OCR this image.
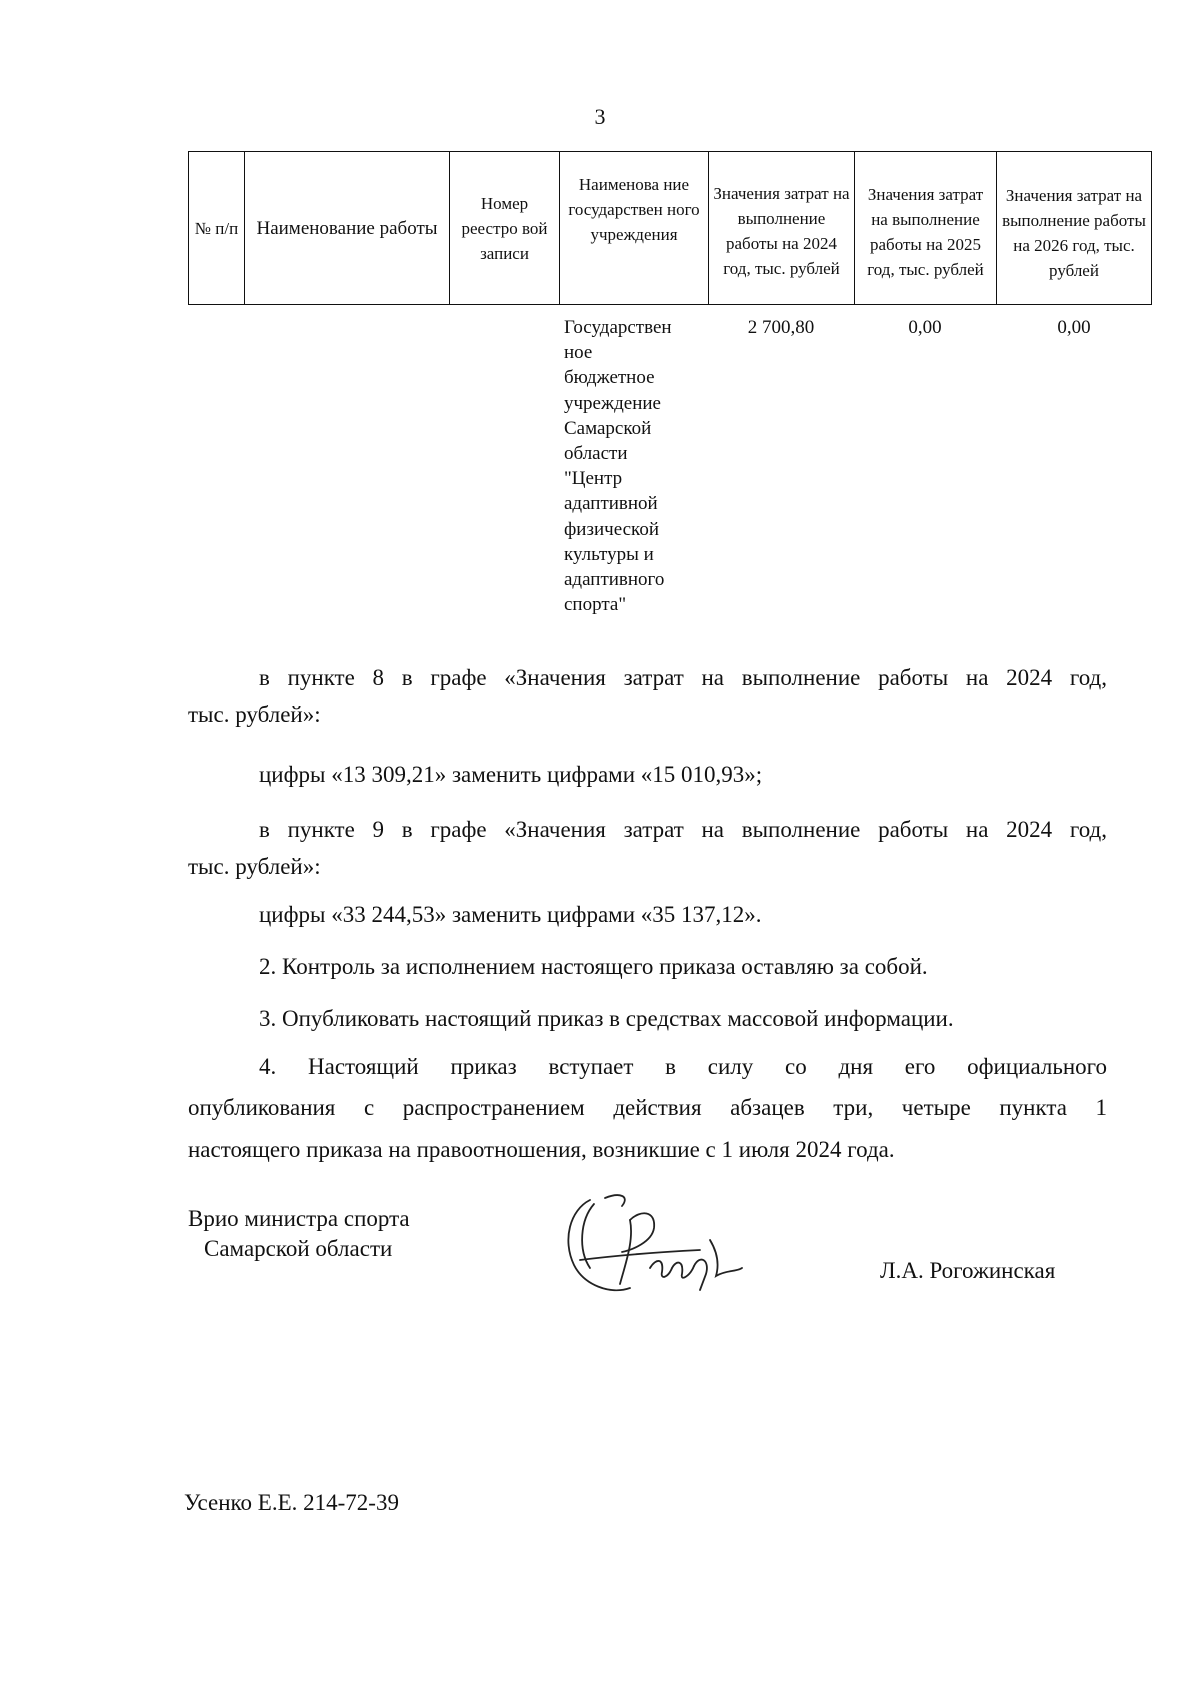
3
№ п/п Наименование работы
Номер реестро вой записи
Наименова ние государствен ного учреждения
Значения затрат на выполнение работы на 2024 год, тыс. рублей
Значения затрат на выполнение работы на 2025 год, тыс. рублей
Значения затрат на выполнение работы на 2026 год, тыс. рублей
Государствен
ное
бюджетное
учреждение
Самарской
области
"Центр
адаптивной
физической
культуры и
адаптивного
спорта"
2 700,80	0,00	0,00
в пункте 8 в графе «Значения затрат на выполнение работы на 2024 год,
тыс. рублей»:
цифры «13 309,21» заменить цифрами «15 010,93»;
в пункте 9 в графе «Значения затрат на выполнение работы на 2024 год,
тыс. рублей»:
цифры «33 244,53» заменить цифрами «35 137,12».
2. Контроль за исполнением настоящего приказа оставляю за собой.
3. Опубликовать настоящий приказ в средствах массовой информации.
4. Настоящий приказ вступает в силу со дня его официального
опубликования с распространением действия абзацев три, четыре пункта 1
настоящего приказа на правоотношения, возникшие с 1 июля 2024 года.
Врио министра спорта
Самарской области
Л.А. Рогожинская
Усенко Е.Е. 214-72-39
